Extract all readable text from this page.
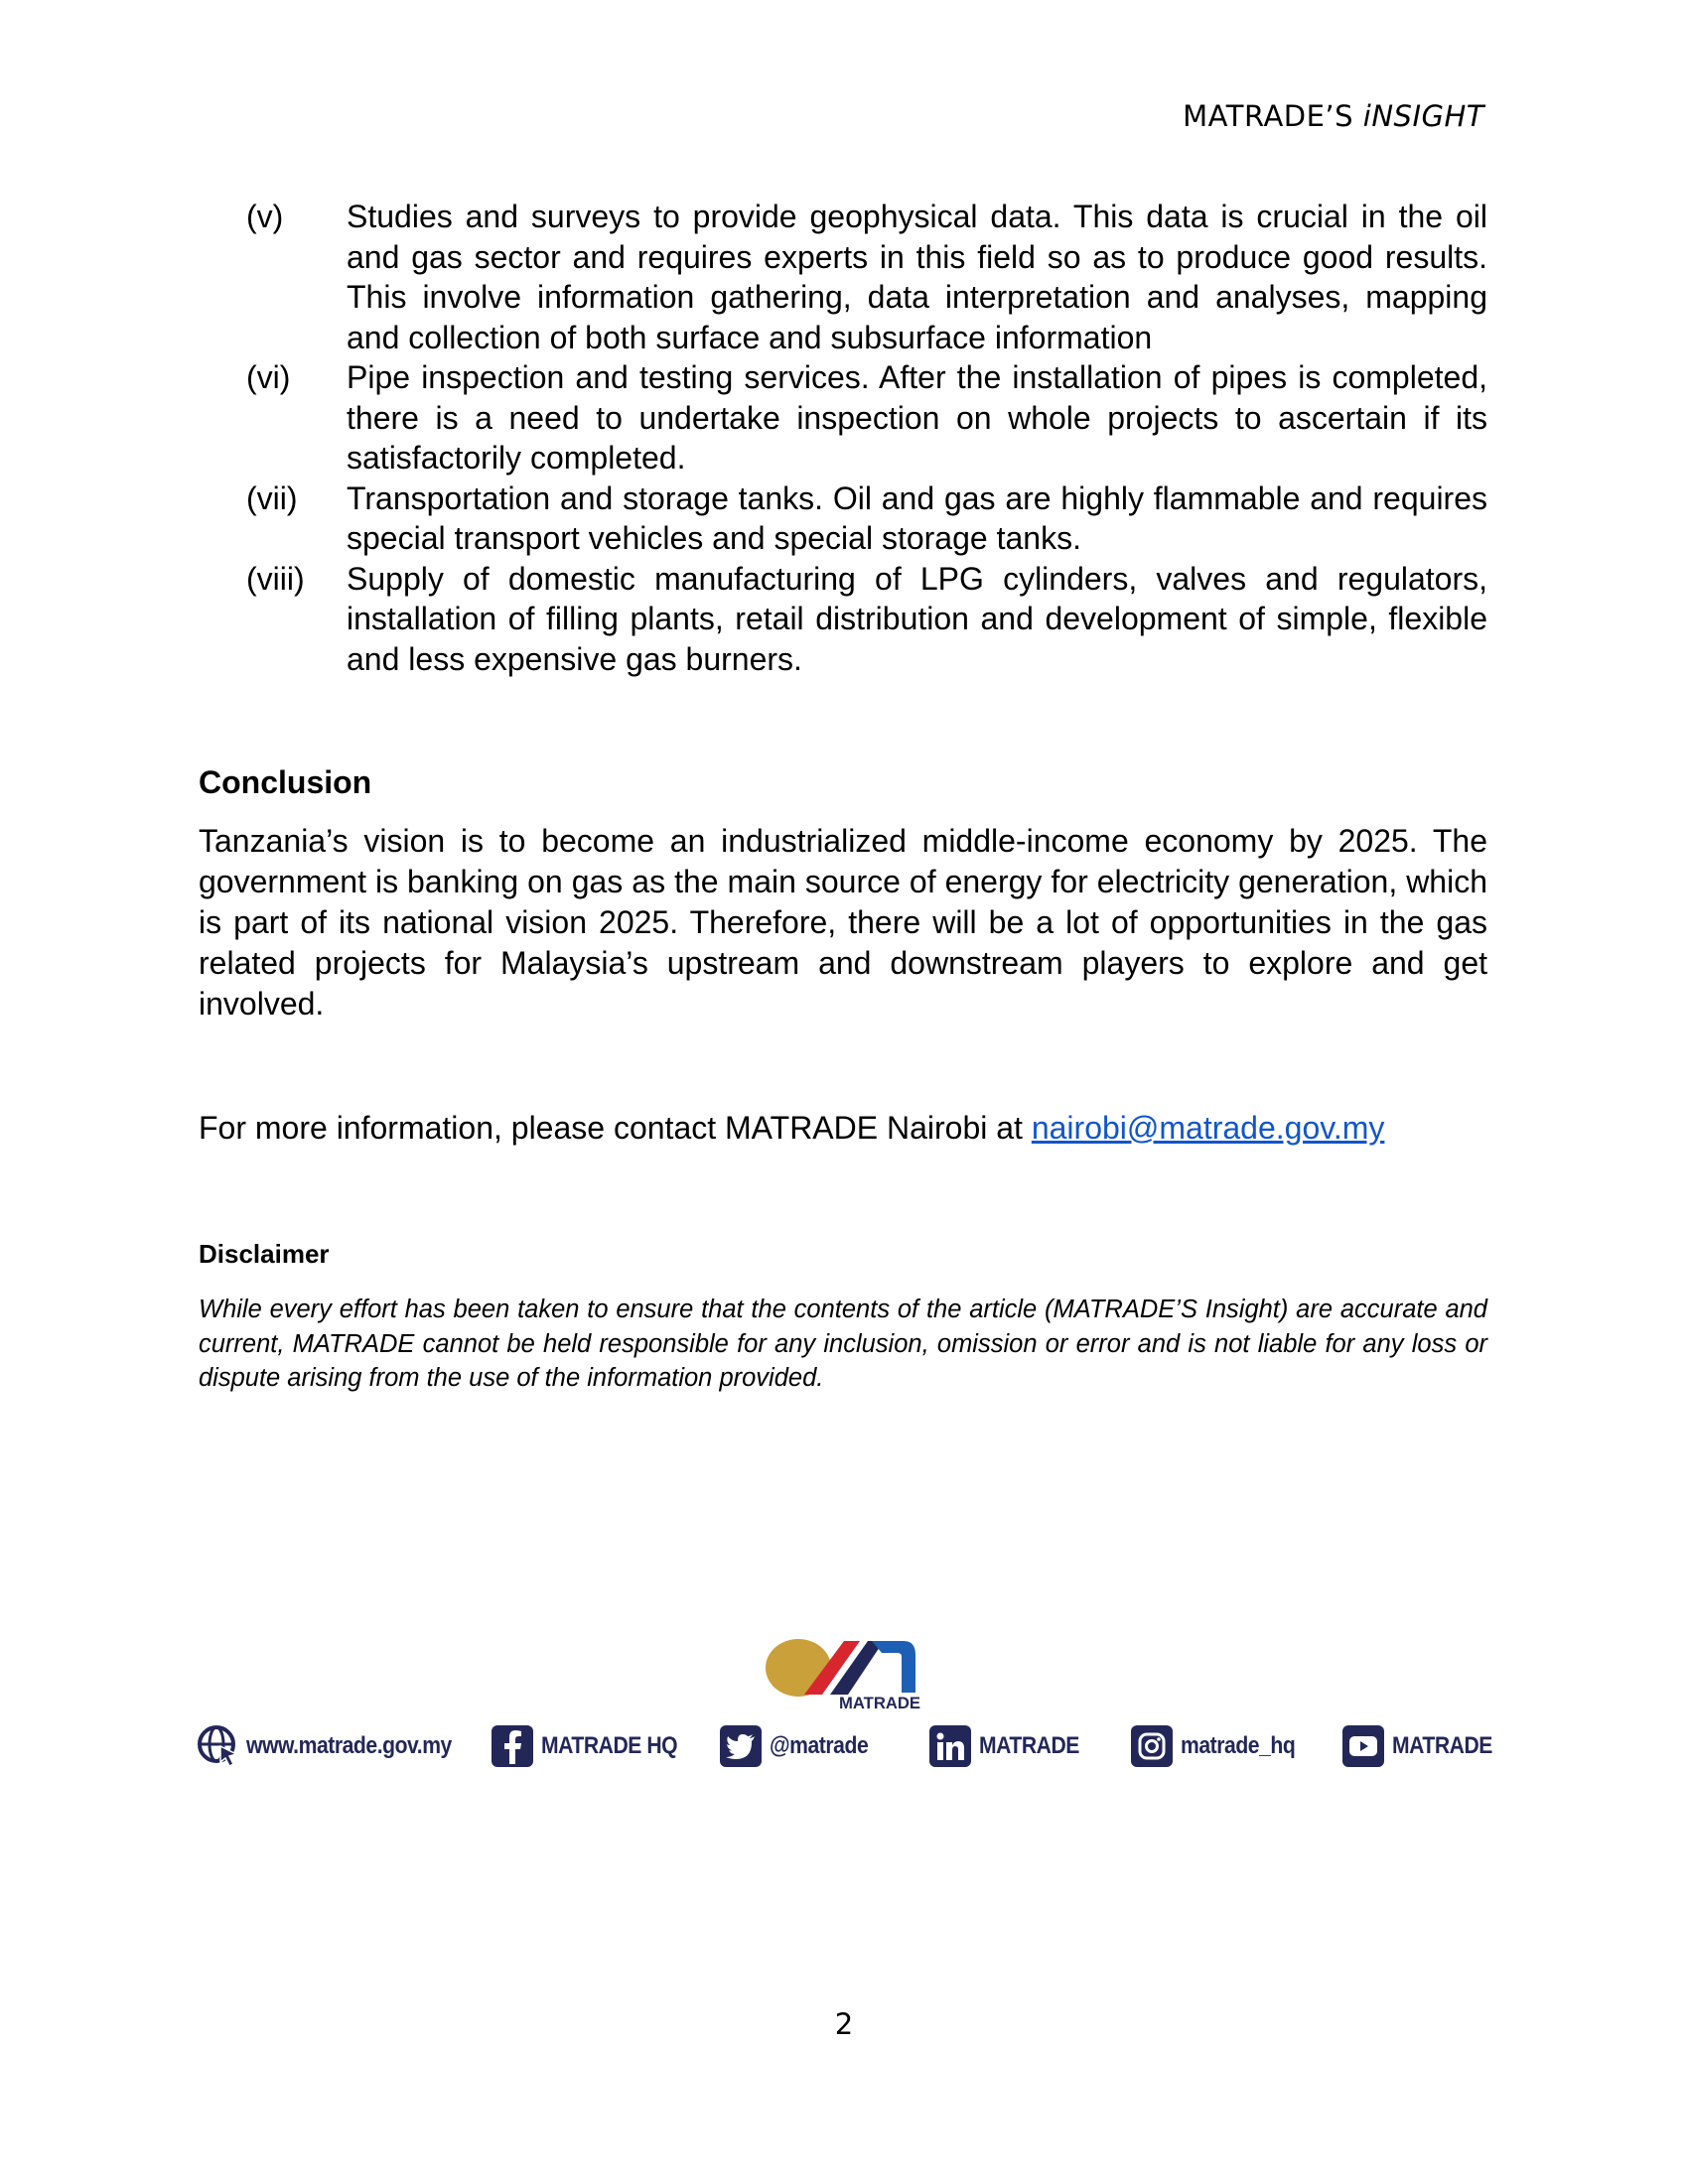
MATRADE’S iNSIGHT
(v)	Studies and surveys to provide geophysical data. This data is crucial in the oil and gas sector and requires experts in this field so as to produce good results. This involve information gathering, data interpretation and analyses, mapping and collection of both surface and subsurface information
(vi)	Pipe inspection and testing services. After the installation of pipes is completed, there is a need to undertake inspection on whole projects to ascertain if its satisfactorily completed.
(vii)	Transportation and storage tanks. Oil and gas are highly flammable and requires special transport vehicles and special storage tanks.
(viii)	Supply of domestic manufacturing of LPG cylinders, valves and regulators, installation of filling plants, retail distribution and development of simple, flexible and less expensive gas burners.
Conclusion
Tanzania’s vision is to become an industrialized middle-income economy by 2025. The government is banking on gas as the main source of energy for electricity generation, which is part of its national vision 2025. Therefore, there will be a lot of opportunities in the gas related projects for Malaysia’s upstream and downstream players to explore and get involved.
For more information, please contact MATRADE Nairobi at nairobi@matrade.gov.my
Disclaimer
While every effort has been taken to ensure that the contents of the article (MATRADE’S Insight) are accurate and current, MATRADE cannot be held responsible for any inclusion, omission or error and is not liable for any loss or dispute arising from the use of the information provided.
MATRADE
www.matrade.gov.my	MATRADE HQ	@matrade	MATRADE	matrade_hq	MATRADE
2
